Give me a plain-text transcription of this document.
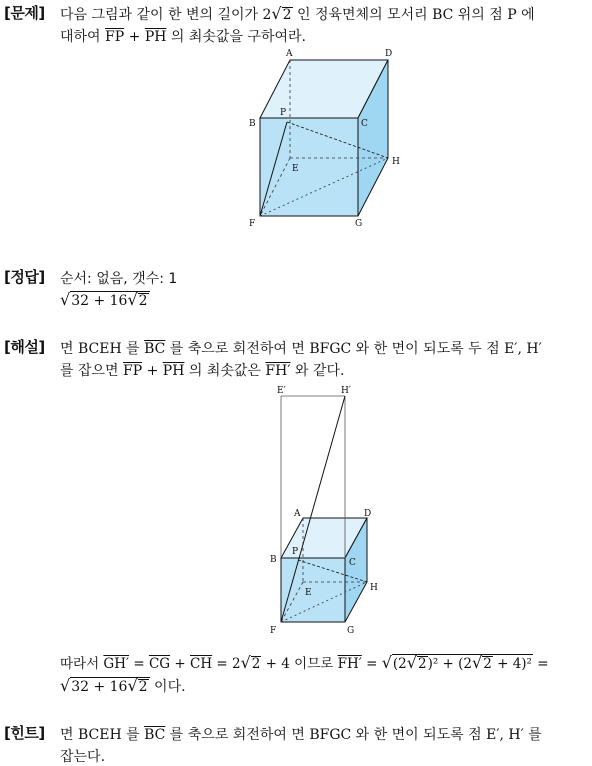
[문제] 다음 그림과 같이 한 변의 길이가 2√2 인 정육면체의 모서리 BC 위의 점 P 에
대하여 $\overline{FP} + \overline{PH}$ 의 최솟값을 구하여라.
A	D
B	C
P
H
E
F	G
[정답] 순서: 없음, 갯수: 1
√32 + 16√2
[해설] 면 BCEH 를 $\overline{BC}$ 를 축으로 회전하여 면 BFGC 와 한 면이 되도록 두 점 E′, H′
를 잡으면 $\overline{FP} + \overline{PH}$ 의 최솟값은 FH′ 와 같다.
E′	H′
A	D
B	C
P
H
E
F	G
따라서 $GH' = \overline{CG} + \overline{CH} = 2√2 + 4$ 이므로 FH′ = √(2√2)² + (2√2 + 4)² =
√32 + 16√2 이다.
[힌트] 면 BCEH 를 $\overline{BC}$ 를 축으로 회전하여 면 BFGC 와 한 면이 되도록 점 E′, H′ 를
잡는다.
